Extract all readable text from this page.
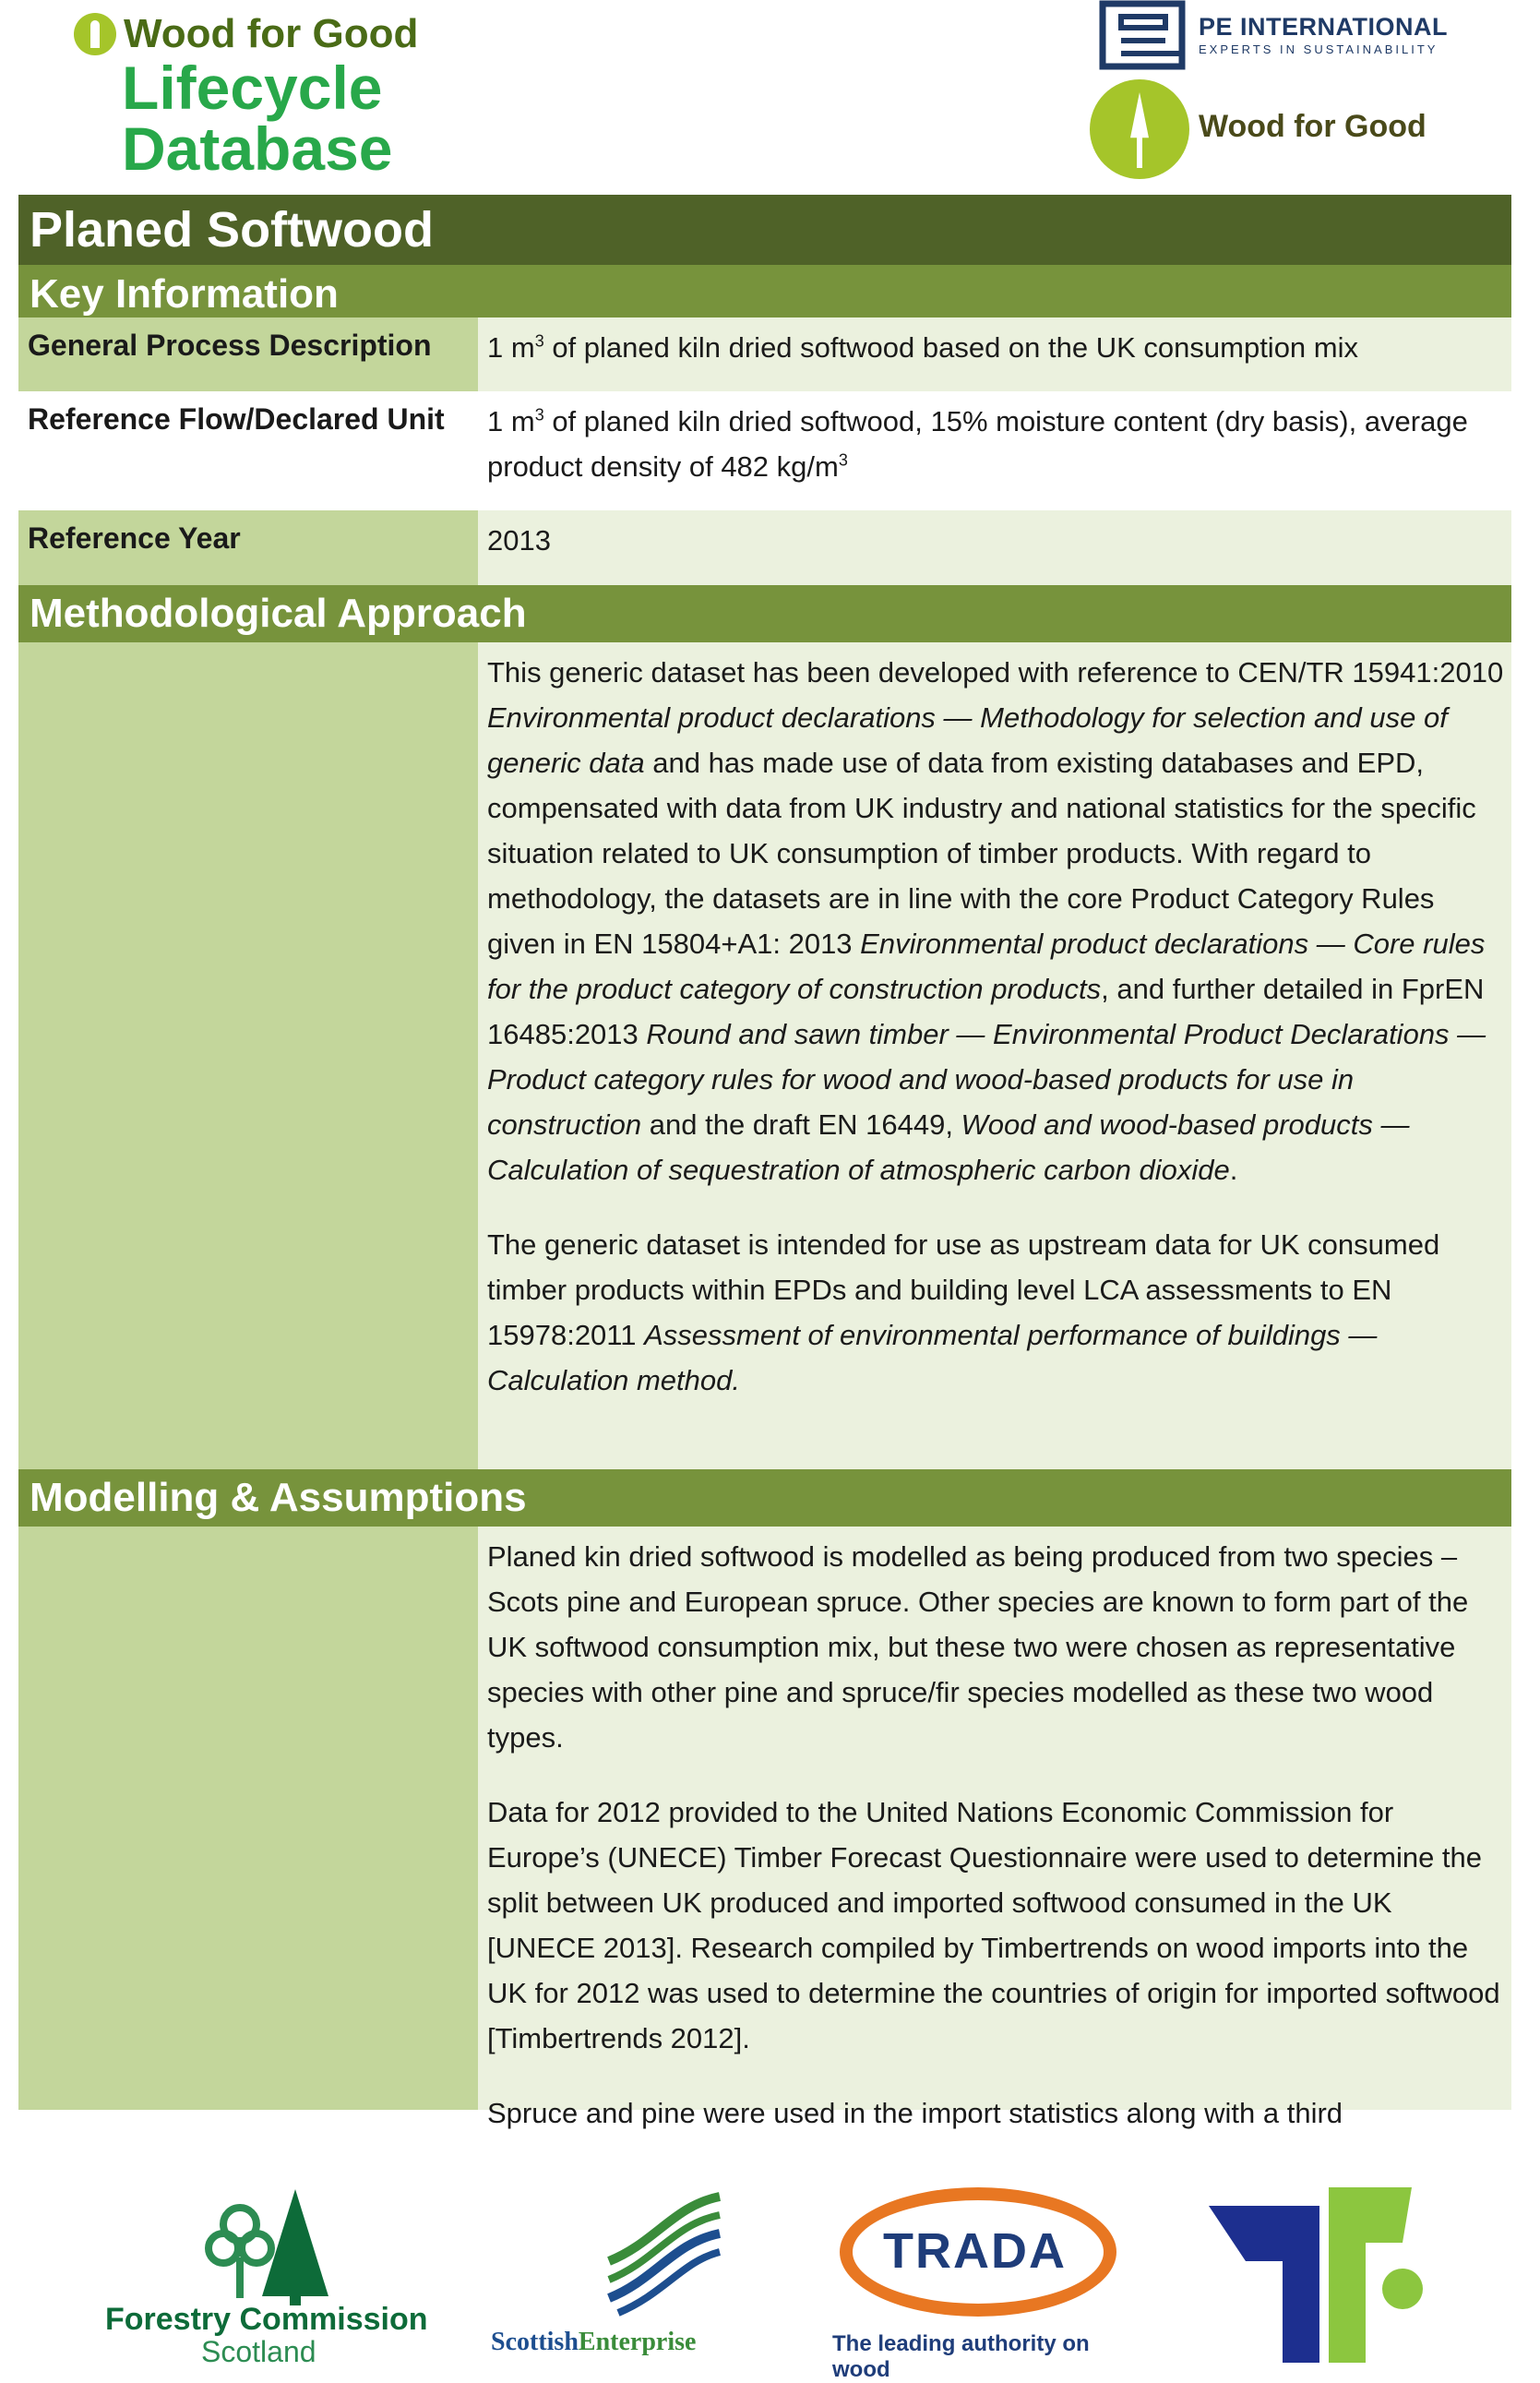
Wood for Good
Lifecycle
Database
PE INTERNATIONAL
EXPERTS IN SUSTAINABILITY
Wood for Good
Planed Softwood
Key Information
General Process Description	1 $m^3$ of planed kiln dried softwood based on the UK consumption mix
Reference Flow/Declared Unit	1 $m^3$ of planed kiln dried softwood, 15% moisture content (dry basis), average product density of 482 $kg/m^3$
Reference Year	2013
Methodological Approach

This generic dataset has been developed with reference to CEN/TR 15941:2010 Environmental product declarations — Methodology for selection and use of generic data and has made use of data from existing databases and EPD, compensated with data from UK industry and national statistics for the specific situation related to UK consumption of timber products. With regard to methodology, the datasets are in line with the core Product Category Rules given in EN 15804+A1: 2013 Environmental product declarations — Core rules for the product category of construction products, and further detailed in FprEN 16485:2013 Round and sawn timber — Environmental Product Declarations — Product category rules for wood and wood-based products for use in construction and the draft EN 16449, Wood and wood-based products — Calculation of sequestration of atmospheric carbon dioxide.

The generic dataset is intended for use as upstream data for UK consumed timber products within EPDs and building level LCA assessments to EN 15978:2011 Assessment of environmental performance of buildings — Calculation method.

Modelling & Assumptions

Planed kin dried softwood is modelled as being produced from two species – Scots pine and European spruce. Other species are known to form part of the UK softwood consumption mix, but these two were chosen as representative species with other pine and spruce/fir species modelled as these two wood types.

Data for 2012 provided to the United Nations Economic Commission for Europe’s (UNECE) Timber Forecast Questionnaire were used to determine the split between UK produced and imported softwood consumed in the UK [UNECE 2013]. Research compiled by Timbertrends on wood imports into the UK for 2012 was used to determine the countries of origin for imported softwood [Timbertrends 2012].

Spruce and pine were used in the import statistics along with a third

Forestry Commission
Scotland	ScottishEnterprise
TRADA
The leading authority on wood
